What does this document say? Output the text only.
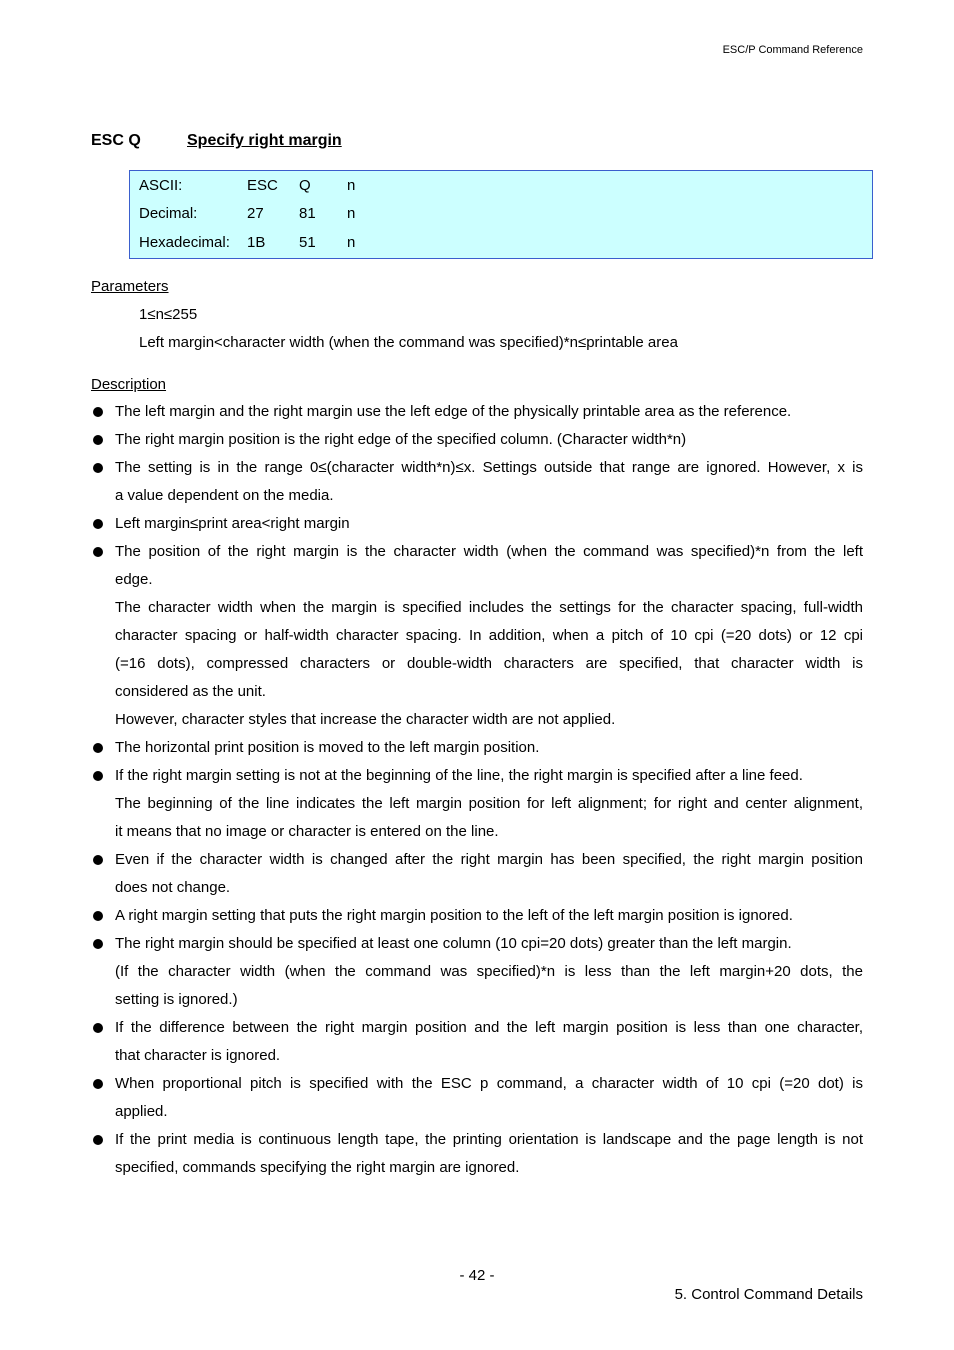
ESC/P Command Reference
ESC Q	Specify right margin
ASCII:	ESC Q n
Decimal:	27 81 n
Hexadecimal: 1B 51 n
Parameters
1≤n≤255
Left margin<character width (when the command was specified)*n≤printable area
Description
The left margin and the right margin use the left edge of the physically printable area as the reference.
The right margin position is the right edge of the specified column. (Character width*n)
The setting is in the range 0≤(character width*n)≤x. Settings outside that range are ignored. However, x is
a value dependent on the media.
Left margin≤print area<right margin
The position of the right margin is the character width (when the command was specified)*n from the left
edge.
The character width when the margin is specified includes the settings for the character spacing, full-width
character spacing or half-width character spacing. In addition, when a pitch of 10 cpi (=20 dots) or 12 cpi
(=16 dots), compressed characters or double-width characters are specified, that character width is
considered as the unit.
However, character styles that increase the character width are not applied.
The horizontal print position is moved to the left margin position.
If the right margin setting is not at the beginning of the line, the right margin is specified after a line feed.
The beginning of the line indicates the left margin position for left alignment; for right and center alignment,
it means that no image or character is entered on the line.
Even if the character width is changed after the right margin has been specified, the right margin position
does not change.
A right margin setting that puts the right margin position to the left of the left margin position is ignored.
The right margin should be specified at least one column (10 cpi=20 dots) greater than the left margin.
(If the character width (when the command was specified)*n is less than the left margin+20 dots, the
setting is ignored.)
If the difference between the right margin position and the left margin position is less than one character,
that character is ignored.
When proportional pitch is specified with the ESC p command, a character width of 10 cpi (=20 dot) is
applied.
If the print media is continuous length tape, the printing orientation is landscape and the page length is not
specified, commands specifying the right margin are ignored.
- 42 -
5. Control Command Details
